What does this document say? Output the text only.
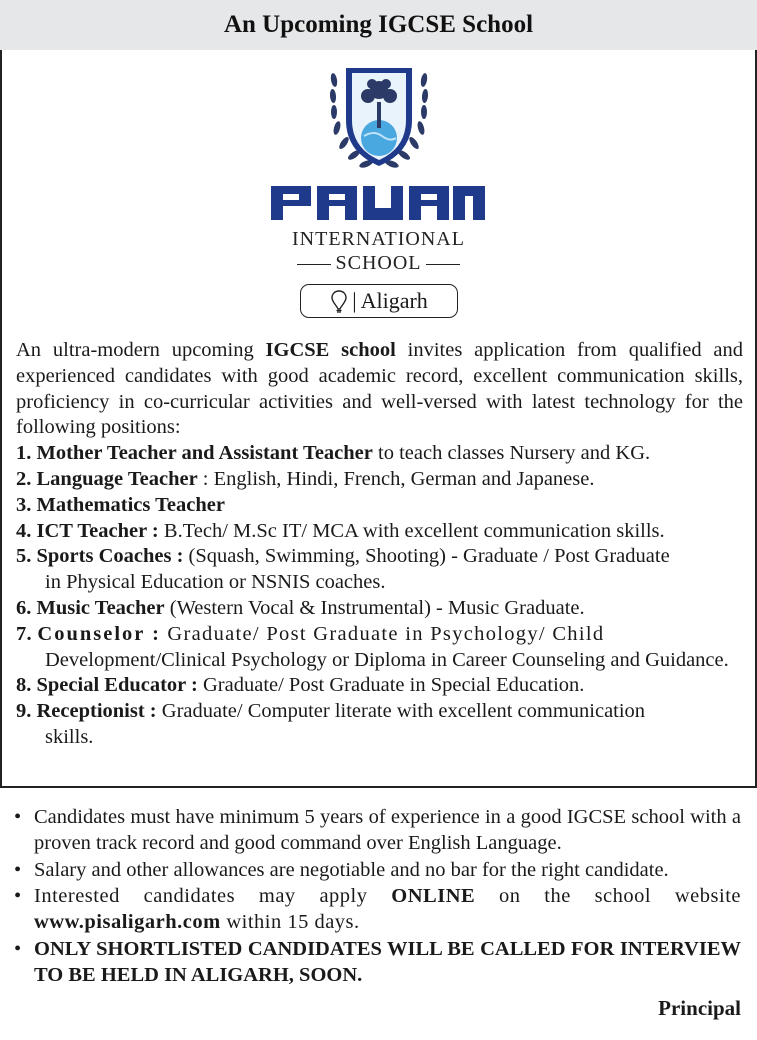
An Upcoming IGCSE School
INTERNATIONAL
SCHOOL
| Aligarh

An ultra-modern upcoming IGCSE school invites application from qualified and experienced candidates with good academic record, excellent communication skills, proficiency in co-curricular activities and well-versed with latest technology for the following positions:

1. Mother Teacher and Assistant Teacher to teach classes Nursery and KG.
2. Language Teacher : English, Hindi, French, German and Japanese.
3. Mathematics Teacher
4. ICT Teacher : B.Tech/ M.Sc IT/ MCA with excellent communication skills.
5. Sports Coaches : (Squash, Swimming, Shooting) - Graduate / Post Graduate
in Physical Education or NSNIS coaches.
6. Music Teacher (Western Vocal & Instrumental) - Music Graduate.
7. Counselor : Graduate/ Post Graduate in Psychology/ Child
Development/Clinical Psychology or Diploma in Career Counseling and Guidance.
8. Special Educator : Graduate/ Post Graduate in Special Education.
9. Receptionist : Graduate/ Computer literate with excellent communication
skills.
• Candidates must have minimum 5 years of experience in a good IGCSE school with a proven track record and good command over English Language.
• Salary and other allowances are negotiable and no bar for the right candidate.
• Interested candidates may apply ONLINE on the school website www.pisaligarh.com within 15 days.
• ONLY SHORTLISTED CANDIDATES WILL BE CALLED FOR INTERVIEW TO BE HELD IN ALIGARH, SOON.
Principal
